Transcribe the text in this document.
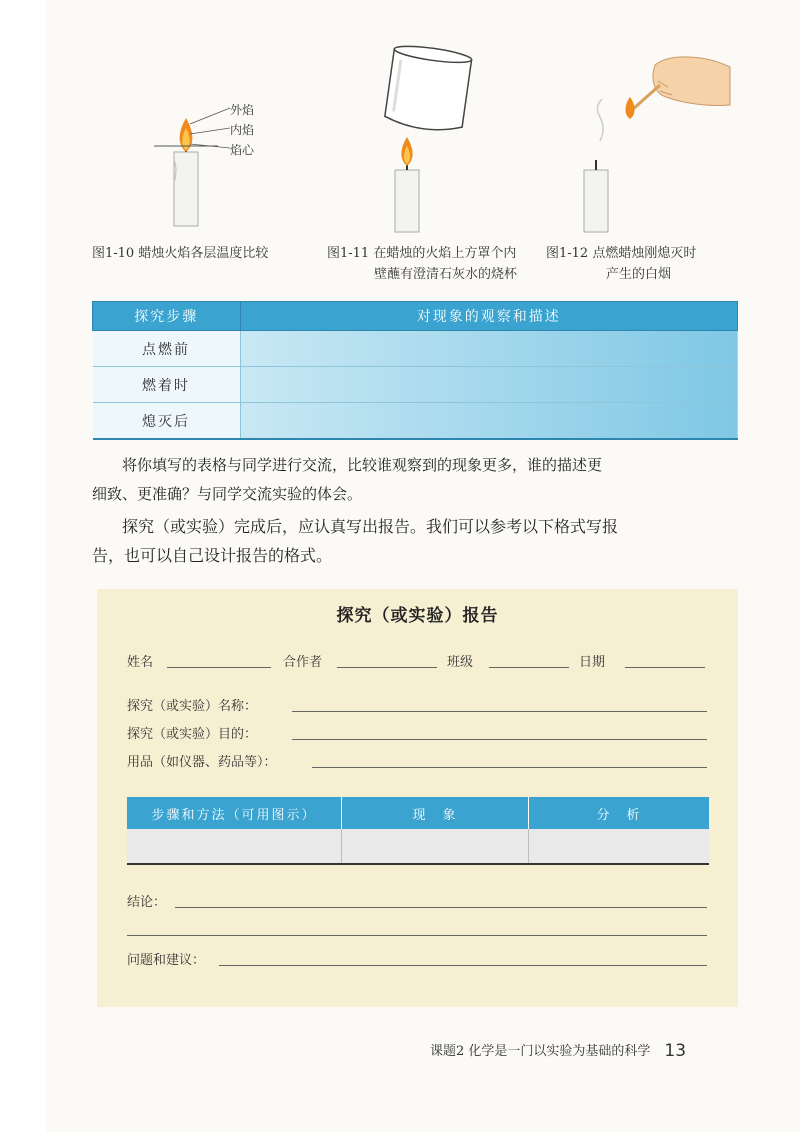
外焰
内焰
焰心
图1-10 蜡烛火焰各层温度比较	图1-11 在蜡烛的火焰上方罩个内
壁蘸有澄清石灰水的烧杯
图1-12 点燃蜡烛刚熄灭时
产生的白烟
探究步骤	对现象的观察和描述
点燃前	
燃着时	
熄灭后	
将你填写的表格与同学进行交流，比较谁观察到的现象更多，谁的描述更
细致、更准确？与同学交流实验的体会。
探究（或实验）完成后，应认真写出报告。我们可以参考以下格式写报
告，也可以自己设计报告的格式。
探究（或实验）报告
姓名	合作者	班级	日期
探究（或实验）名称：
探究（或实验）目的：
用品（如仪器、药品等）：
步骤和方法（可用图示）	现　象	分　析

结论：
问题和建议：
课题2 化学是一门以实验为基础的科学 13
